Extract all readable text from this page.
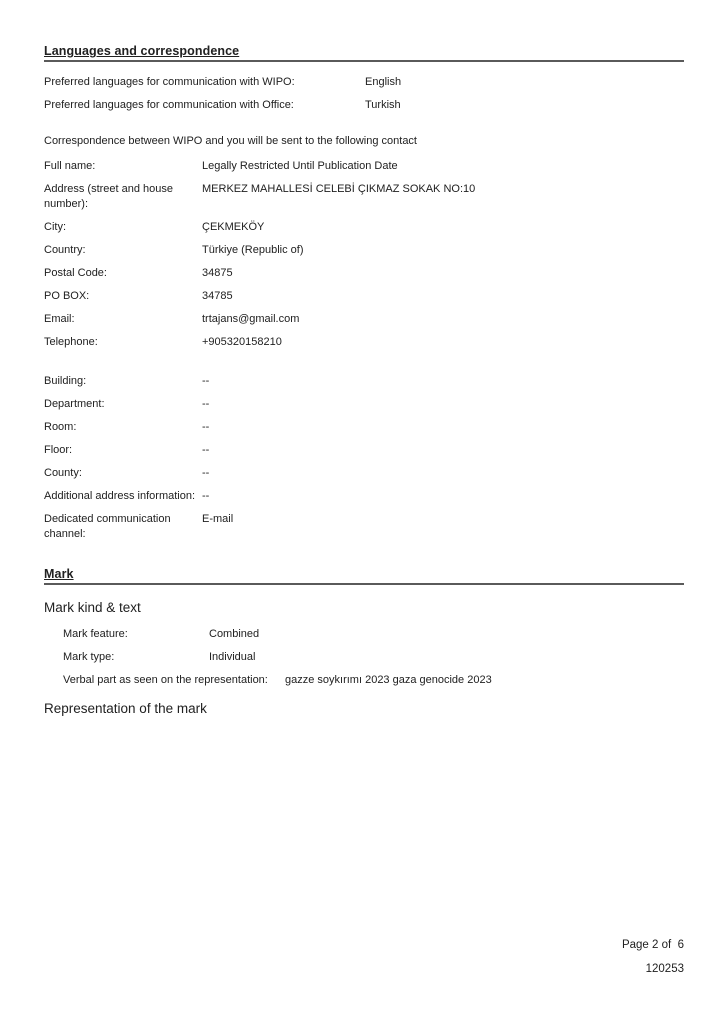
Languages and correspondence
Preferred languages for communication with WIPO:	English
Preferred languages for communication with Office:	Turkish
Correspondence between WIPO and you will be sent to the following contact
Full name:	Legally Restricted Until Publication Date
Address (street and house number):
MERKEZ MAHALLESİ CELEBİ ÇIKMAZ SOKAK NO:10
City:	ÇEKMEKÖY
Country:	Türkiye (Republic of)
Postal Code:	34875
PO BOX:	34785
Email:	trtajans@gmail.com
Telephone:	+905320158210
Building:	--
Department:	--
Room:	--
Floor:	--
County:	--
Additional address information: --
Dedicated communication channel:
E-mail
Mark
Mark kind & text
Mark feature:	Combined
Mark type:	Individual
Verbal part as seen on the representation:	gazze soykırımı 2023 gaza genocide 2023
Representation of the mark
Page 2 of  6
120253
